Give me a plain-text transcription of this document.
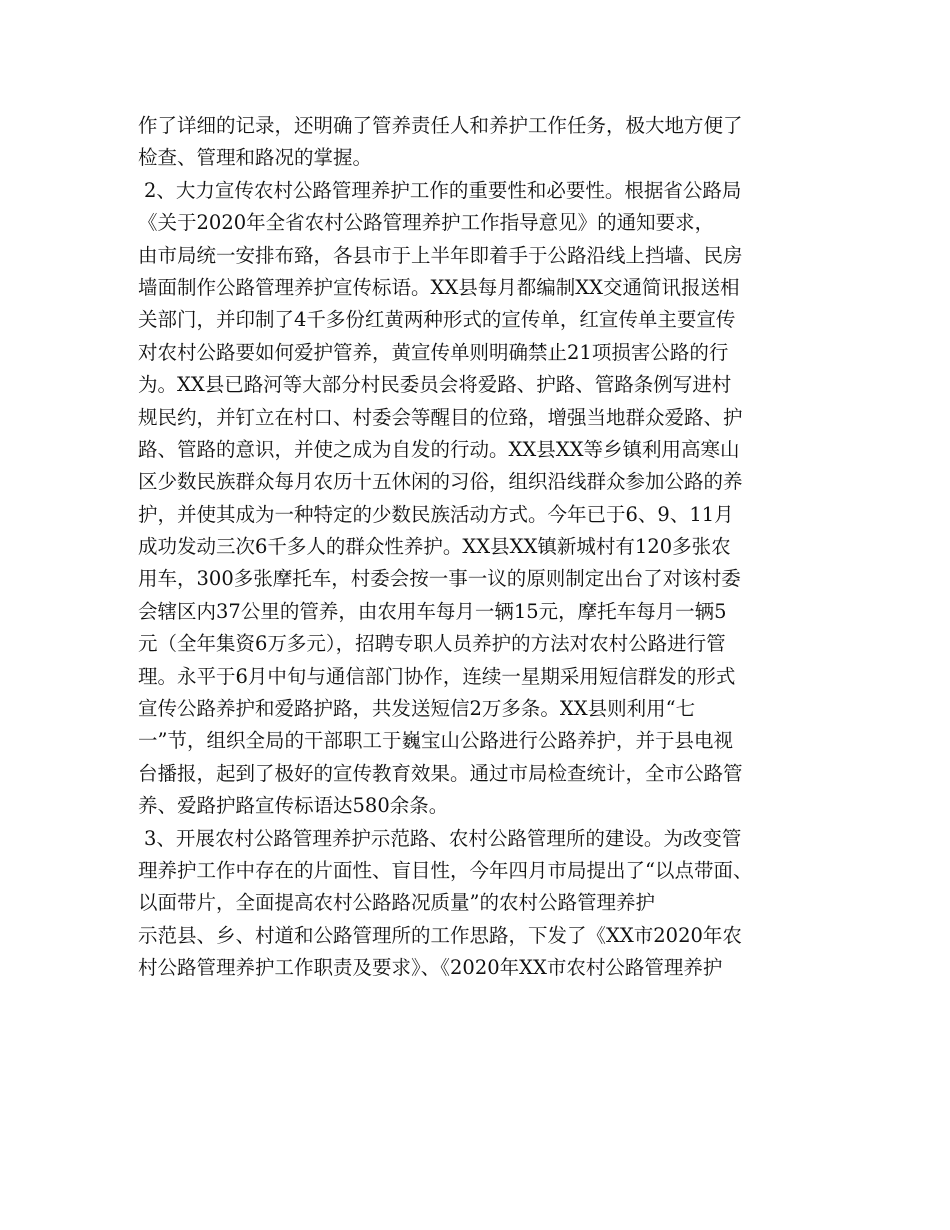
作了详细的记录，还明确了管养责任人和养护工作任务，极大地方便了
检查、管理和路况的掌握。
2、大力宣传农村公路管理养护工作的重要性和必要性。根据省公路局
《关于2020年全省农村公路管理养护工作指导意见》的通知要求，
由市局统一安排布臵，各县市于上半年即着手于公路沿线上挡墙、民房
墙面制作公路管理养护宣传标语。XX县每月都编制XX交通简讯报送相
关部门，并印制了4千多份红黄两种形式的宣传单，红宣传单主要宣传
对农村公路要如何爱护管养，黄宣传单则明确禁止21项损害公路的行
为。XX县已路河等大部分村民委员会将爱路、护路、管路条例写进村
规民约，并钉立在村口、村委会等醒目的位臵，增强当地群众爱路、护
路、管路的意识，并使之成为自发的行动。XX县XX等乡镇利用高寒山
区少数民族群众每月农历十五休闲的习俗，组织沿线群众参加公路的养
护，并使其成为一种特定的少数民族活动方式。今年已于6、9、11月
成功发动三次6千多人的群众性养护。XX县XX镇新城村有120多张农
用车，300多张摩托车，村委会按一事一议的原则制定出台了对该村委
会辖区内37公里的管养，由农用车每月一辆15元，摩托车每月一辆5
元（全年集资6万多元），招聘专职人员养护的方法对农村公路进行管
理。永平于6月中旬与通信部门协作，连续一星期采用短信群发的形式
宣传公路养护和爱路护路，共发送短信2万多条。XX县则利用“七
一”节，组织全局的干部职工于巍宝山公路进行公路养护，并于县电视
台播报，起到了极好的宣传教育效果。通过市局检查统计，全市公路管
养、爱路护路宣传标语达580余条。
3、开展农村公路管理养护示范路、农村公路管理所的建设。为改变管
理养护工作中存在的片面性、盲目性，今年四月市局提出了“以点带面、
以面带片，全面提高农村公路路况质量”的农村公路管理养护
示范县、乡、村道和公路管理所的工作思路，下发了《XX市2020年农
村公路管理养护工作职责及要求》、《2020年XX市农村公路管理养护
